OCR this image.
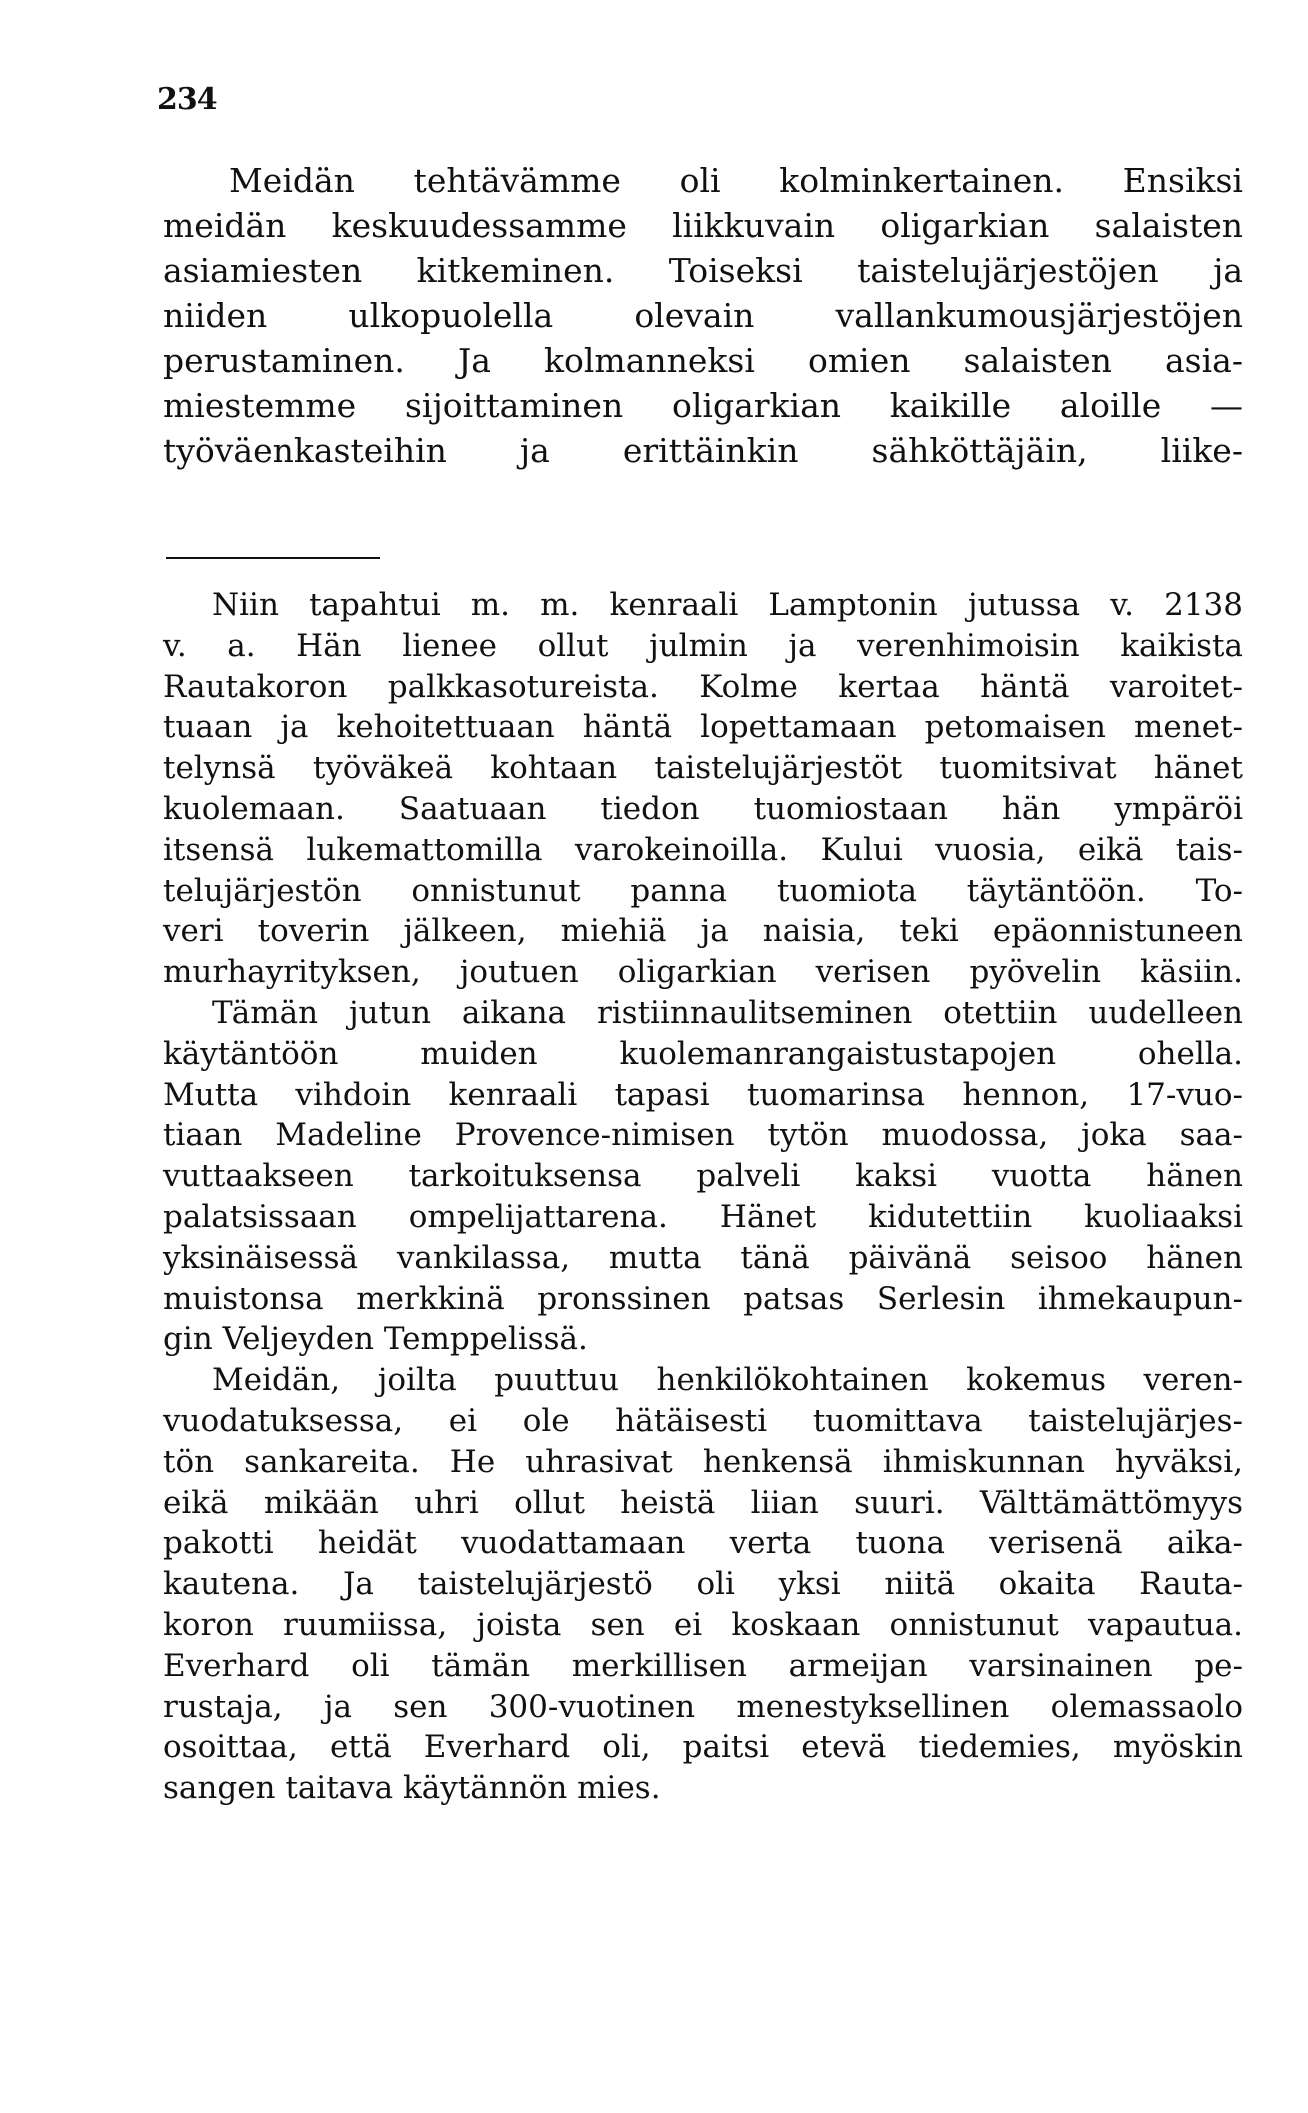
234
Meidän tehtävämme oli kolminkertainen. Ensiksi
meidän keskuudessamme liikkuvain oligarkian salaisten
asiamiesten kitkeminen. Toiseksi taistelujärjestöjen ja
niiden ulkopuolella olevain vallankumousjärjestöjen
perustaminen. Ja kolmanneksi omien salaisten asia-
miestemme sijoittaminen oligarkian kaikille aloille —
työväenkasteihin ja erittäinkin sähköttäjäin, liike-
Niin tapahtui m. m. kenraali Lamptonin jutussa v. 2138
v. a. Hän lienee ollut julmin ja verenhimoisin kaikista
Rautakoron palkkasotureista. Kolme kertaa häntä varoitet-
tuaan ja kehoitettuaan häntä lopettamaan petomaisen menet-
telynsä työväkeä kohtaan taistelujärjestöt tuomitsivat hänet
kuolemaan. Saatuaan tiedon tuomiostaan hän ympäröi
itsensä lukemattomilla varokeinoilla. Kului vuosia, eikä tais-
telujärjestön onnistunut panna tuomiota täytäntöön. To-
veri toverin jälkeen, miehiä ja naisia, teki epäonnistuneen
murhayrityksen, joutuen oligarkian verisen pyövelin käsiin.
Tämän jutun aikana ristiinnaulitseminen otettiin uudelleen
käytäntöön muiden kuolemanrangaistustapojen ohella.
Mutta vihdoin kenraali tapasi tuomarinsa hennon, 17-vuo-
tiaan Madeline Provence-nimisen tytön muodossa, joka saa-
vuttaakseen tarkoituksensa palveli kaksi vuotta hänen
palatsissaan ompelijattarena. Hänet kidutettiin kuoliaaksi
yksinäisessä vankilassa, mutta tänä päivänä seisoo hänen
muistonsa merkkinä pronssinen patsas Serlesin ihmekaupun-
gin Veljeyden Temppelissä.
Meidän, joilta puuttuu henkilökohtainen kokemus veren-
vuodatuksessa, ei ole hätäisesti tuomittava taistelujärjes-
tön sankareita. He uhrasivat henkensä ihmiskunnan hyväksi,
eikä mikään uhri ollut heistä liian suuri. Välttämättömyys
pakotti heidät vuodattamaan verta tuona verisenä aika-
kautena. Ja taistelujärjestö oli yksi niitä okaita Rauta-
koron ruumiissa, joista sen ei koskaan onnistunut vapautua.
Everhard oli tämän merkillisen armeijan varsinainen pe-
rustaja, ja sen 300-vuotinen menestyksellinen olemassaolo
osoittaa, että Everhard oli, paitsi etevä tiedemies, myöskin
sangen taitava käytännön mies.
